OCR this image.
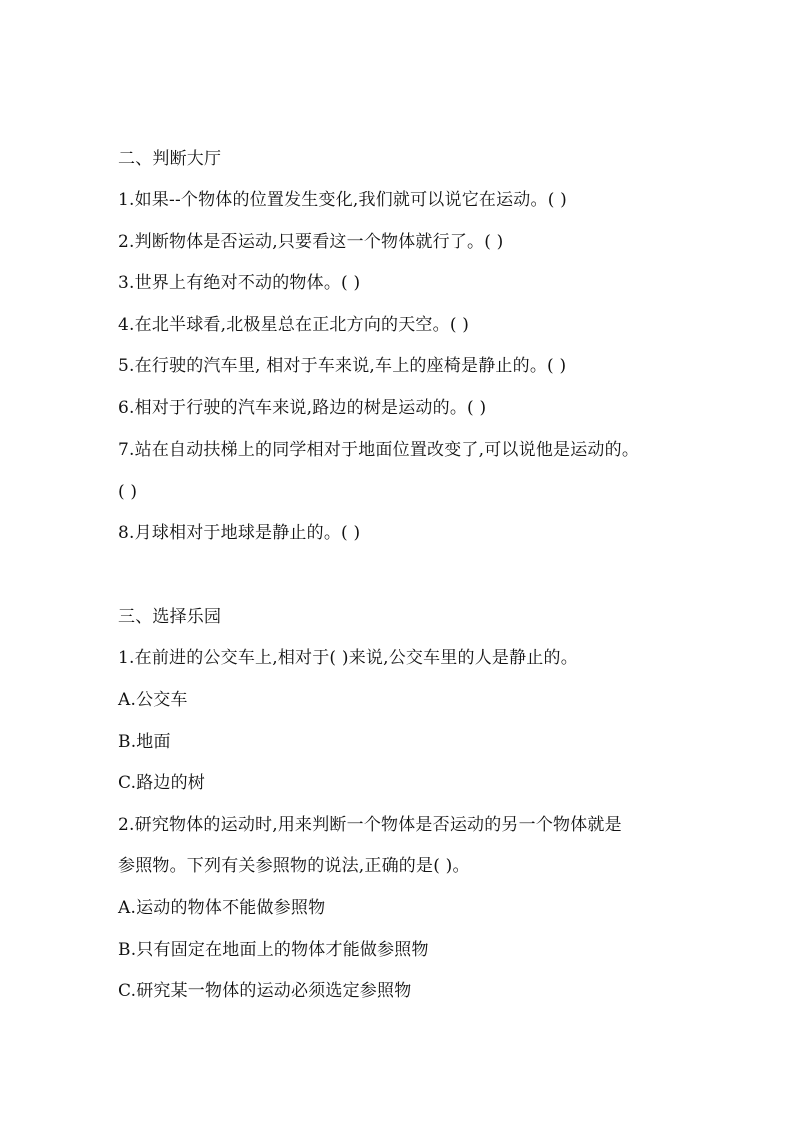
二、判断大厅
1.如果--个物体的位置发生变化,我们就可以说它在运动。( )
2.判断物体是否运动,只要看这一个物体就行了。( )
3.世界上有绝对不动的物体。( )
4.在北半球看,北极星总在正北方向的天空。( )
5.在行驶的汽车里, 相对于车来说,车上的座椅是静止的。( )
6.相对于行驶的汽车来说,路边的树是运动的。( )
7.站在自动扶梯上的同学相对于地面位置改变了,可以说他是运动的。
( )
8.月球相对于地球是静止的。( )
三、选择乐园
1.在前进的公交车上,相对于( )来说,公交车里的人是静止的。
A.公交车
B.地面
C.路边的树
2.研究物体的运动时,用来判断一个物体是否运动的另一个物体就是
参照物。下列有关参照物的说法,正确的是( )。
A.运动的物体不能做参照物
B.只有固定在地面上的物体才能做参照物
C.研究某一物体的运动必须选定参照物
